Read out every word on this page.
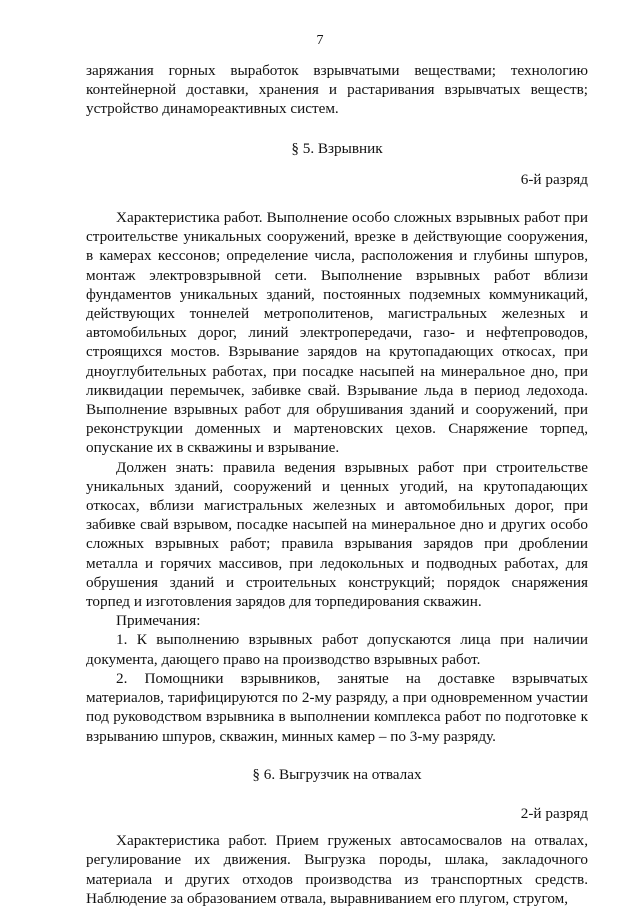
7

заряжания горных выработок взрывчатыми веществами; технологию контейнерной доставки, хранения и растаривания взрывчатых веществ; устройство динамореактивных систем.

§ 5. Взрывник

6-й разряд

Характеристика работ. Выполнение особо сложных взрывных работ при строительстве уникальных сооружений, врезке в действующие сооружения, в камерах кессонов; определение числа, расположения и глубины шпуров, монтаж электровзрывной сети. Выполнение взрывных работ вблизи фундаментов уникальных зданий, постоянных подземных коммуникаций, действующих тоннелей метрополитенов, магистральных железных и автомобильных дорог, линий электропередачи, газо- и нефтепроводов, строящихся мостов. Взрывание зарядов на крутопадающих откосах, при дноуглубительных работах, при посадке насыпей на минеральное дно, при ликвидации перемычек, забивке свай. Взрывание льда в период ледохода. Выполнение взрывных работ для обрушивания зданий и сооружений, при реконструкции доменных и мартеновских цехов. Снаряжение торпед, опускание их в скважины и взрывание.

Должен знать: правила ведения взрывных работ при строительстве уникальных зданий, сооружений и ценных угодий, на крутопадающих откосах, вблизи магистральных железных и автомобильных дорог, при забивке свай взрывом, посадке насыпей на минеральное дно и других особо сложных взрывных работ; правила взрывания зарядов при дроблении металла и горячих массивов, при ледокольных и подводных работах, для обрушения зданий и строительных конструкций; порядок снаряжения торпед и изготовления зарядов для торпедирования скважин.

Примечания:

1. К выполнению взрывных работ допускаются лица при наличии документа, дающего право на производство взрывных работ.

2. Помощники взрывников, занятые на доставке взрывчатых материалов, тарифицируются по 2-му разряду, а при одновременном участии под руководством взрывника в выполнении комплекса работ по подготовке к взрыванию шпуров, скважин, минных камер – по 3-му разряду.

§ 6. Выгрузчик на отвалах

2-й разряд

Характеристика работ. Прием груженых автосамосвалов на отвалах, регулирование их движения. Выгрузка породы, шлака, закладочного материала и других отходов производства из транспортных средств. Наблюдение за образованием отвала, выравниванием его плугом, стругом,
